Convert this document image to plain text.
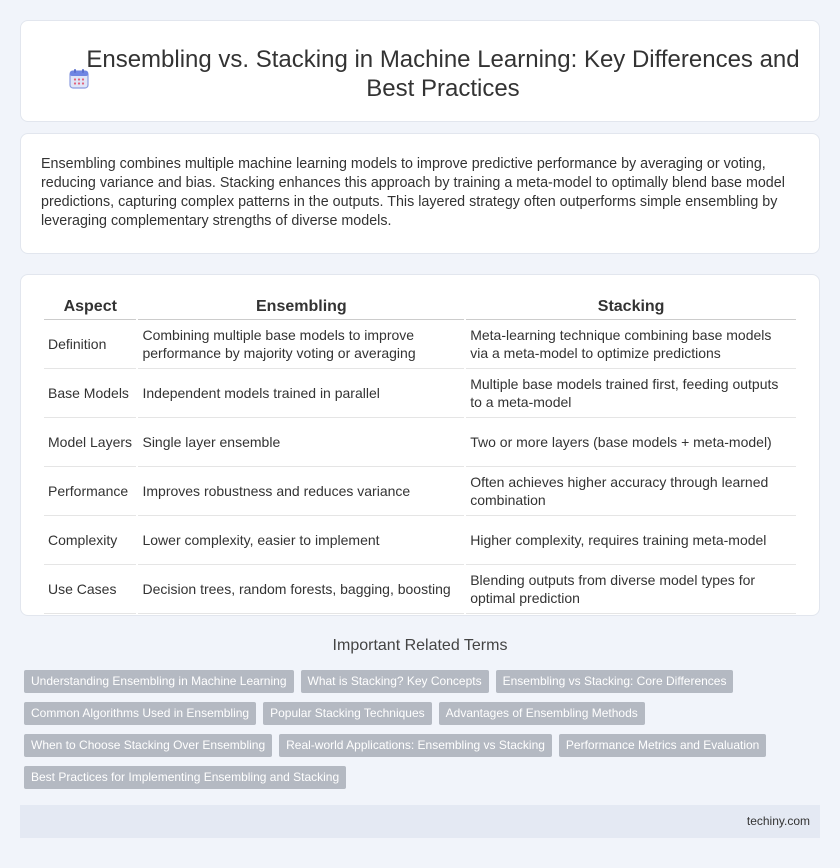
Ensembling vs. Stacking in Machine Learning: Key Differences and Best Practices

Ensembling combines multiple machine learning models to improve predictive performance by averaging or voting, reducing variance and bias. Stacking enhances this approach by training a meta-model to optimally blend base model predictions, capturing complex patterns in the outputs. This layered strategy often outperforms simple ensembling by leveraging complementary strengths of diverse models.

Aspect	Ensembling	Stacking
Definition	Combining multiple base models to improve performance by majority voting or averaging	Meta-learning technique combining base models via a meta-model to optimize predictions
Base Models	Independent models trained in parallel	Multiple base models trained first, feeding outputs to a meta-model
Model Layers	Single layer ensemble	Two or more layers (base models + meta-model)
Performance	Improves robustness and reduces variance	Often achieves higher accuracy through learned combination
Complexity	Lower complexity, easier to implement	Higher complexity, requires training meta-model
Use Cases	Decision trees, random forests, bagging, boosting	Blending outputs from diverse model types for optimal prediction
Important Related Terms
Understanding Ensembling in Machine Learning	What is Stacking? Key Concepts	Ensembling vs Stacking: Core Differences
Common Algorithms Used in Ensembling	Popular Stacking Techniques	Advantages of Ensembling Methods
When to Choose Stacking Over Ensembling	Real-world Applications: Ensembling vs Stacking	Performance Metrics and Evaluation
Best Practices for Implementing Ensembling and Stacking
techiny.com
